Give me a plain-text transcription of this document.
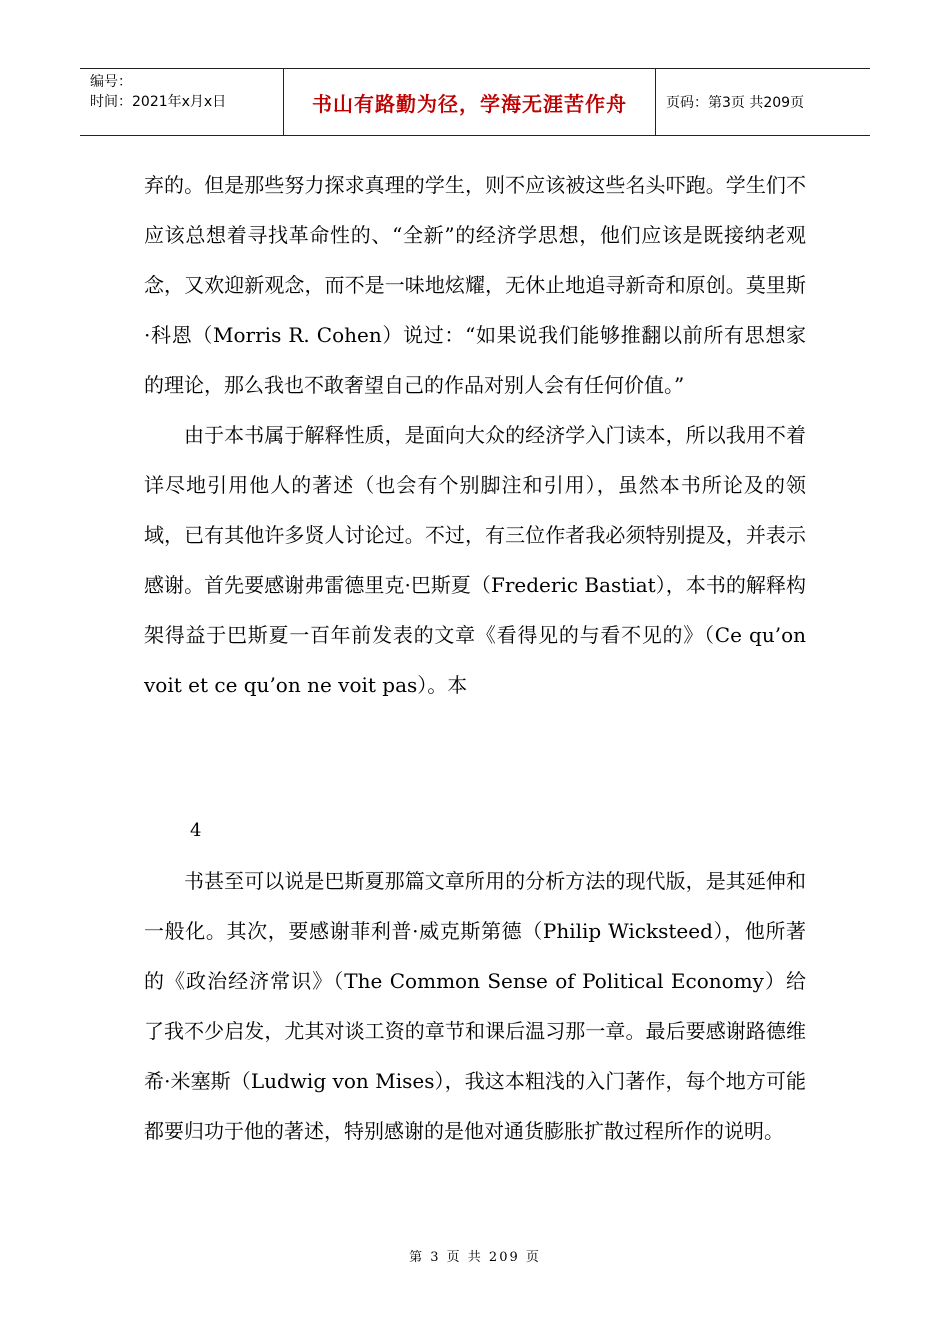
编号：
时间：2021年x月x日	书山有路勤为径，学海无涯苦作舟	页码：第3页 共209页

弃的。但是那些努力探求真理的学生，则不应该被这些名头吓跑。学生们不应该总想着寻找革命性的、“全新”的经济学思想，他们应该是既接纳老观念，又欢迎新观念，而不是一味地炫耀，无休止地追寻新奇和原创。莫里斯·科恩（Morris R. Cohen）说过：“如果说我们能够推翻以前所有思想家的理论，那么我也不敢奢望自己的作品对别人会有任何价值。”

由于本书属于解释性质，是面向大众的经济学入门读本，所以我用不着详尽地引用他人的著述（也会有个别脚注和引用），虽然本书所论及的领域，已有其他许多贤人讨论过。不过，有三位作者我必须特别提及，并表示感谢。首先要感谢弗雷德里克·巴斯夏（Frederic Bastiat），本书的解释构架得益于巴斯夏一百年前发表的文章《看得见的与看不见的》（Ce qu’on voit et ce qu’on ne voit pas）。本

4

书甚至可以说是巴斯夏那篇文章所用的分析方法的现代版，是其延伸和一般化。其次，要感谢菲利普·威克斯第德（Philip Wicksteed），他所著的《政治经济常识》（The Common Sense of Political Economy）给了我不少启发，尤其对谈工资的章节和课后温习那一章。最后要感谢路德维希·米塞斯（Ludwig von Mises），我这本粗浅的入门著作，每个地方可能都要归功于他的著述，特别感谢的是他对通货膨胀扩散过程所作的说明。

第 3 页 共 209 页
